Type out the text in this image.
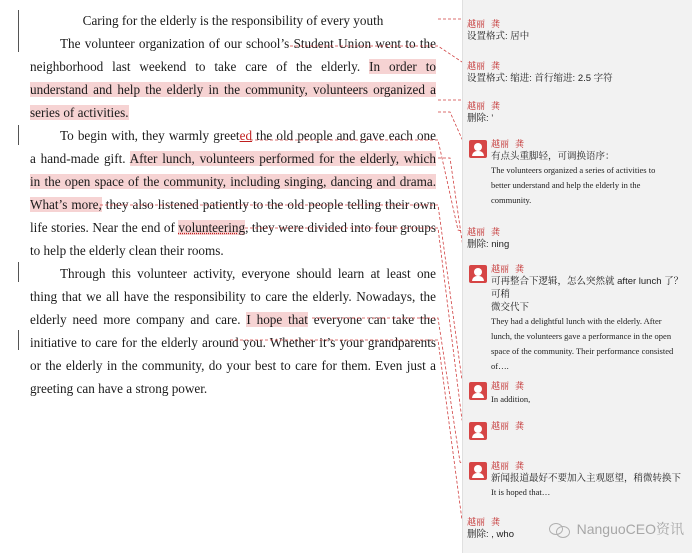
Caring for the elderly is the responsibility of every youth
The volunteer organization of our school’s Student Union went to the
neighborhood last weekend to take care of the elderly. In order to
understand and help the elderly in the community, volunteers organized a
series of activities.
To begin with, they warmly greeted the old people and gave each one
a hand-made gift. After lunch, volunteers performed for the elderly, which
in the open space of the community, including singing, dancing and drama.
What’s more, they also listened patiently to the old people telling their own
life stories. Near the end of volunteering, they were divided into four groups
to help the elderly clean their rooms.
Through this volunteer activity, everyone should learn at least one
thing that we all have the responsibility to care the elderly. Nowadays, the
elderly need more company and care. I hope that everyone can take the
initiative to care for the elderly around you. Whether it’s your grandparents
or the elderly in the community, do your best to care for them. Even just a
greeting can have a strong power.
越丽 龚
设置格式: 居中
越丽 龚
设置格式: 缩进: 首行缩进: 2.5 字符
越丽 龚
删除: ’
越丽 龚
有点头重脚轻，可调换语序：
The volunteers organized a series of activities to
better understand and help the elderly in the
community.
越丽 龚
删除: ning
越丽 龚
可再整合下逻辑，怎么突然就 after lunch 了？可稍
微交代下
They had a delightful lunch with the elderly. After
lunch, the volunteers gave a performance in the open
space of the community. Their performance consisted
of….
越丽 龚
In addition,
越丽 龚
越丽 龚
新闻报道最好不要加入主观愿望，稍微转换下
It is hoped that…
越丽 龚
删除: , who	NanguoCEO资讯
